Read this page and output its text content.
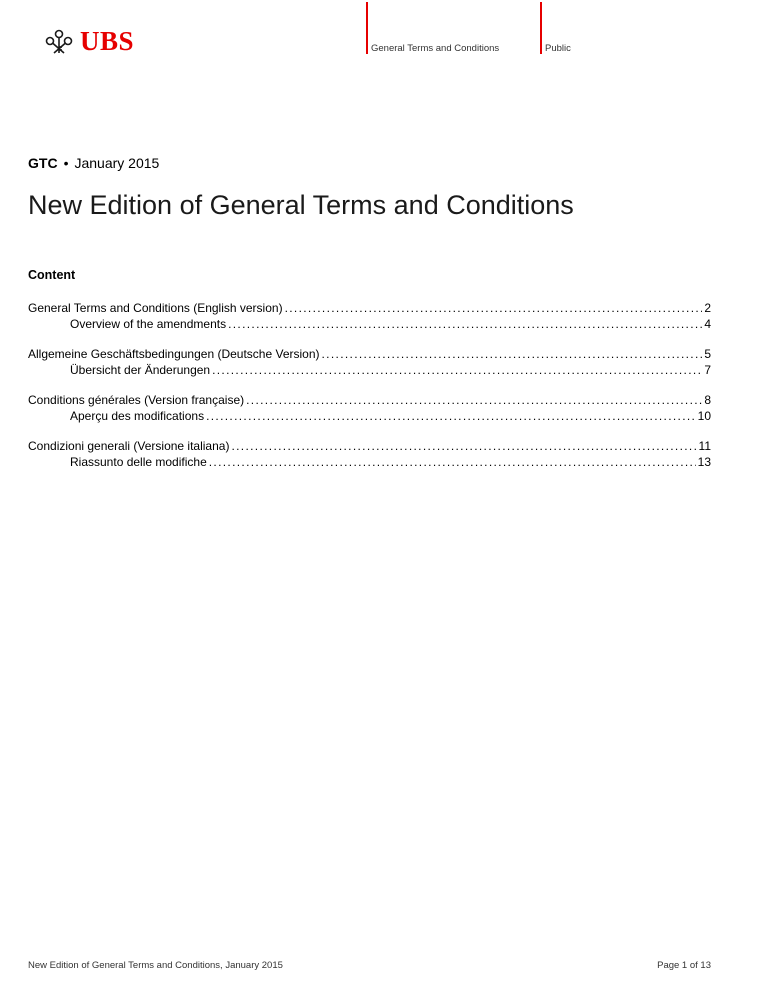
UBS	General Terms and Conditions	Public
GTC • January 2015
New Edition of General Terms and Conditions
Content
General Terms and Conditions (English version) . . .	2
Overview of the amendments . . .	4
Allgemeine Geschäftsbedingungen (Deutsche Version) . . .	5
Übersicht der Änderungen . . .	7
Conditions générales (Version française) . . .	8
Aperçu des modifications . . .	10
Condizioni generali (Versione italiana) . . .	11
Riassunto delle modifiche . . .	13
New Edition of General Terms and Conditions, January 2015	Page 1 of 13
